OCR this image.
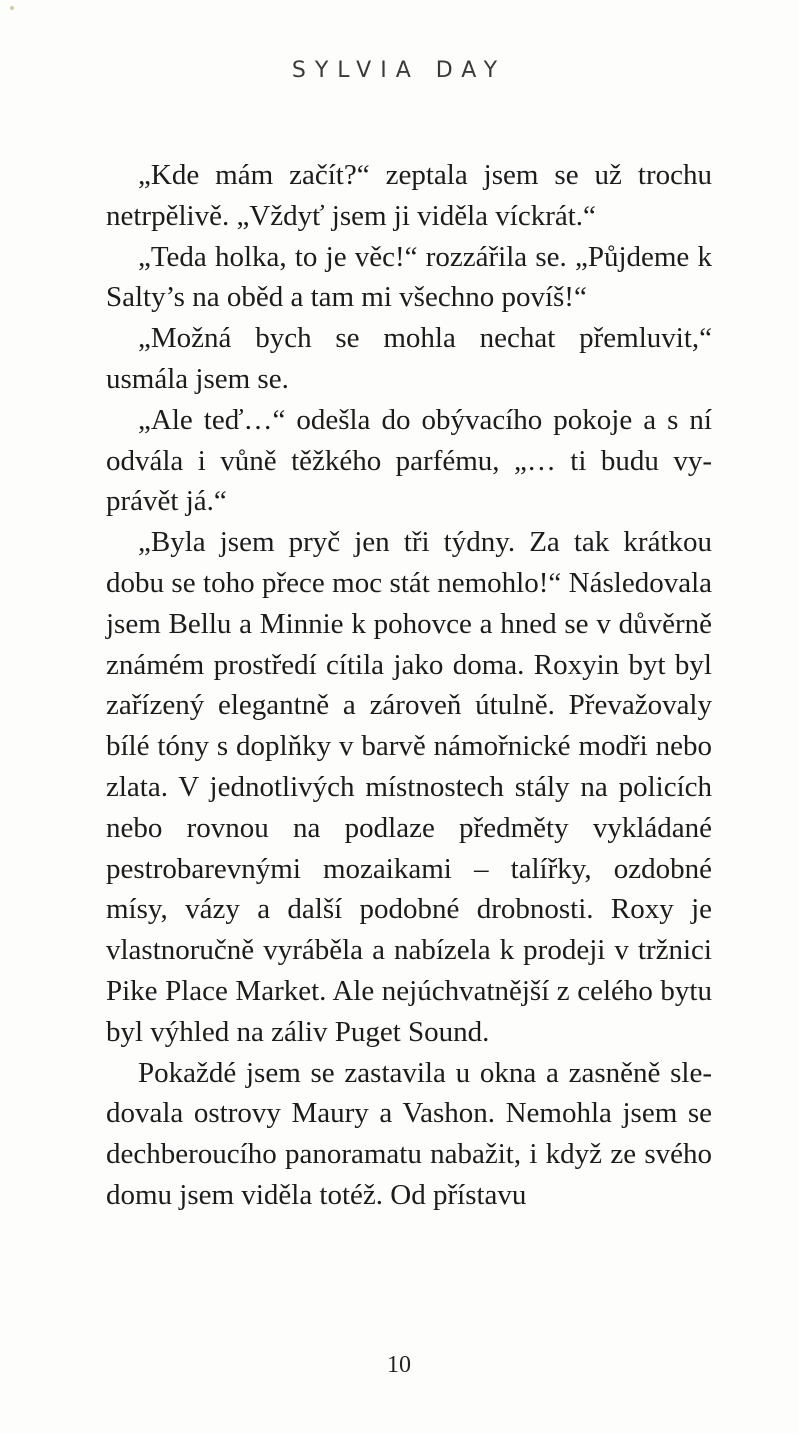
SYLVIA DAY

„Kde mám začít?“ zeptala jsem se už trochu netrpělivě. „Vždyť jsem ji viděla víckrát.“

„Teda holka, to je věc!“ rozzářila se. „Půjdeme k Salty’s na oběd a tam mi všechno povíš!“

„Možná bych se mohla nechat přemluvit,“ usmála jsem se.

„Ale teď…“ odešla do obývacího pokoje a s ní odvála i vůně těžkého parfému, „… ti budu vyprávět já.“

„Byla jsem pryč jen tři týdny. Za tak krátkou dobu se toho přece moc stát nemohlo!“ Následovala jsem Bellu a Minnie k pohovce a hned se v důvěrně známém prostředí cítila jako doma. Roxyin byt byl zařízený elegantně a zároveň útulně. Převažovaly bílé tóny s doplňky v barvě námořnické modři nebo zlata. V jednotlivých místnostech stály na policích nebo rovnou na podlaze předměty vykládané pestrobarevnými mozaikami – talířky, ozdobné mísy, vázy a další podobné drobnosti. Roxy je vlastnoručně vyráběla a nabízela k prodeji v tržnici Pike Place Market. Ale nejúchvatnější z celého bytu byl výhled na záliv Puget Sound.

Pokaždé jsem se zastavila u okna a zasněně sledovala ostrovy Maury a Vashon. Nemohla jsem se dechberoucího panoramatu nabažit, i když ze svého domu jsem viděla totéž. Od přístavu

10
